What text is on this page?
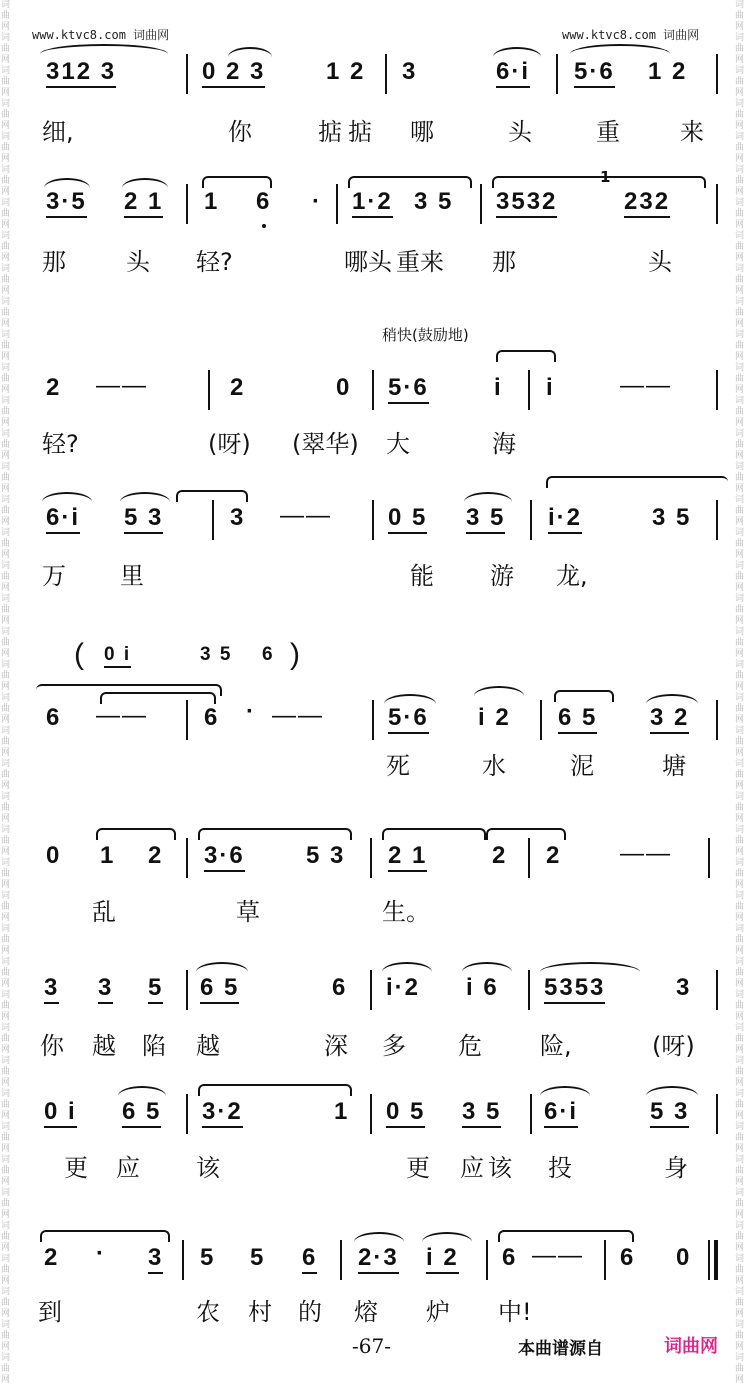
词曲网词曲网词曲网词曲网词曲网词曲网词曲网词曲网词曲网词曲网词曲网词曲网词曲网词曲网词曲网词曲网词曲网词曲网词曲网词曲网词曲网词曲网词曲网词曲网词曲网词曲网词曲网词曲网词曲网词曲网词曲网词曲网词曲网词曲网词曲网词曲网词曲网词曲网词曲网词曲网词曲网词曲网
词曲网词曲网词曲网词曲网词曲网词曲网词曲网词曲网词曲网词曲网词曲网词曲网词曲网词曲网词曲网词曲网词曲网词曲网词曲网词曲网词曲网词曲网词曲网词曲网词曲网词曲网词曲网词曲网词曲网词曲网词曲网词曲网词曲网词曲网词曲网词曲网词曲网词曲网词曲网词曲网词曲网词曲网
www.ktvc8.com 词曲网	www.ktvc8.com 词曲网
312 3	0 2 3	1 2 3	6·i 5·6 1 2
细,	你	掂掂 哪	头	重	来
3·5 2 1 1 6 · 1·2 3 5 3532
1
232
那	头 轻?	哪头 重来 那	头
稍快(鼓励地)
2 ——	2	0 5·6	i i	——
轻?	(呀) (翠华) 大	海
6·i 5 3	3 —— 0 5 3 5 i·2	3 5
万 里	能 游 龙,
( 0 i	3 5 6 )
6 —— 6 · ——	5·6 i 2 6 5 3 2
死	水	泥	塘
0 1 2 3·6	5 3 2 1	2 2 ——
乱	草	生。
3 3 5 6 5	6 i·2 i 6 5353	3
你 越 陷 越	深 多 危 险,	(呀)
0 i 6 5 3·2	1 0 5 3 5 6·i	5 3
更 应 该	更 应该 投	身
2 · 3 5 5 6 2·3 i 2 6 —— 6 0
到	农 村 的 熔 炉 中!
-67-	本曲谱源自	词曲网
